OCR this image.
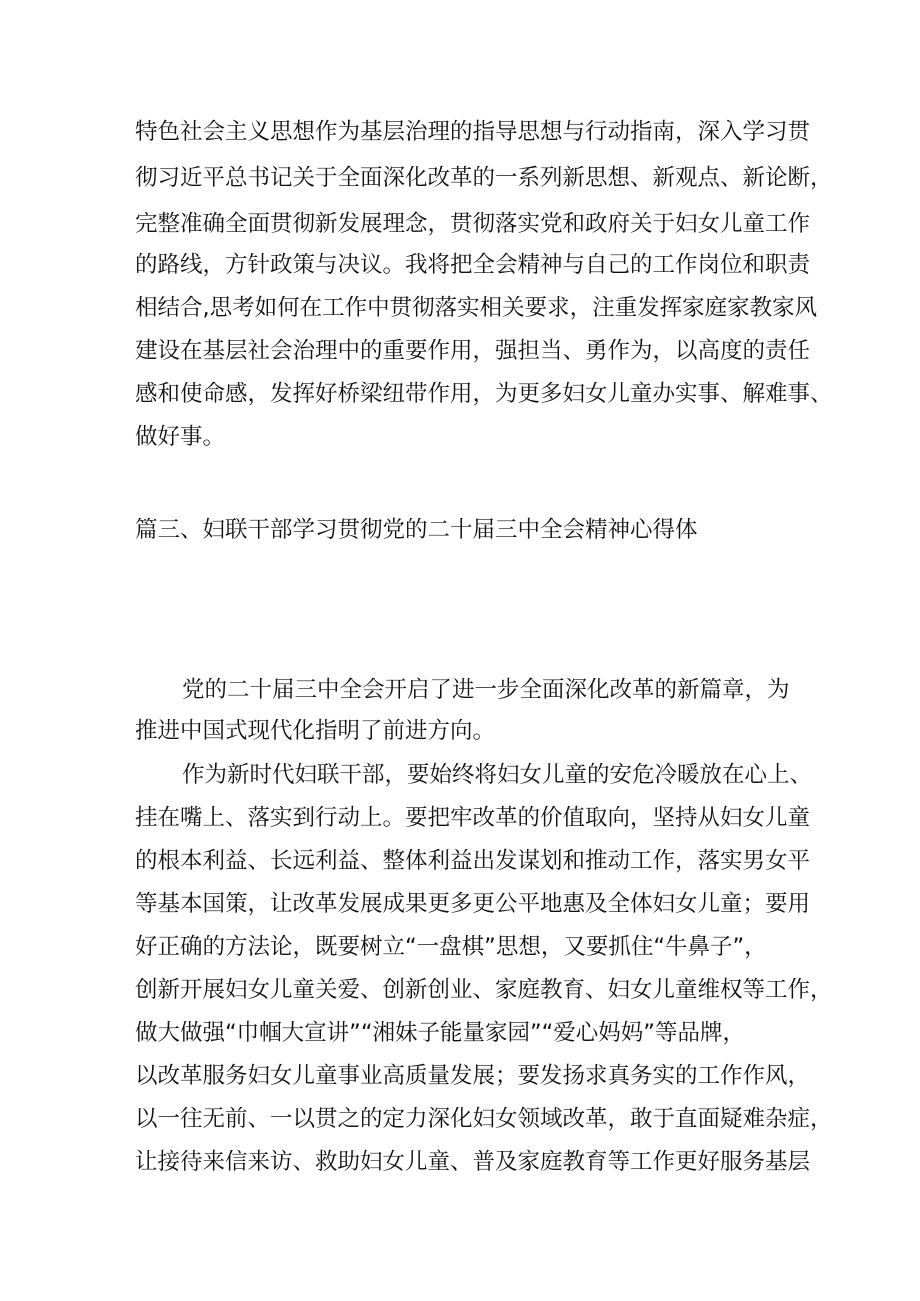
特色社会主义思想作为基层治理的指导思想与行动指南，深入学习贯
彻习近平总书记关于全面深化改革的一系列新思想、新观点、新论断，
完整准确全面贯彻新发展理念，贯彻落实党和政府关于妇女儿童工作
的路线，方针政策与决议。我将把全会精神与自己的工作岗位和职责
相结合,思考如何在工作中贯彻落实相关要求，注重发挥家庭家教家风
建设在基层社会治理中的重要作用，强担当、勇作为，以高度的责任
感和使命感，发挥好桥梁纽带作用，为更多妇女儿童办实事、解难事、
做好事。
篇三、妇联干部学习贯彻党的二十届三中全会精神心得体
党的二十届三中全会开启了进一步全面深化改革的新篇章，为
推进中国式现代化指明了前进方向。
作为新时代妇联干部，要始终将妇女儿童的安危冷暖放在心上、
挂在嘴上、落实到行动上。要把牢改革的价值取向，坚持从妇女儿童
的根本利益、长远利益、整体利益出发谋划和推动工作，落实男女平
等基本国策，让改革发展成果更多更公平地惠及全体妇女儿童；要用
好正确的方法论，既要树立“一盘棋”思想，又要抓住“牛鼻子”，
创新开展妇女儿童关爱、创新创业、家庭教育、妇女儿童维权等工作，
做大做强“巾帼大宣讲”“湘妹子能量家园”“爱心妈妈”等品牌，
以改革服务妇女儿童事业高质量发展；要发扬求真务实的工作作风，
以一往无前、一以贯之的定力深化妇女领域改革，敢于直面疑难杂症，
让接待来信来访、救助妇女儿童、普及家庭教育等工作更好服务基层
